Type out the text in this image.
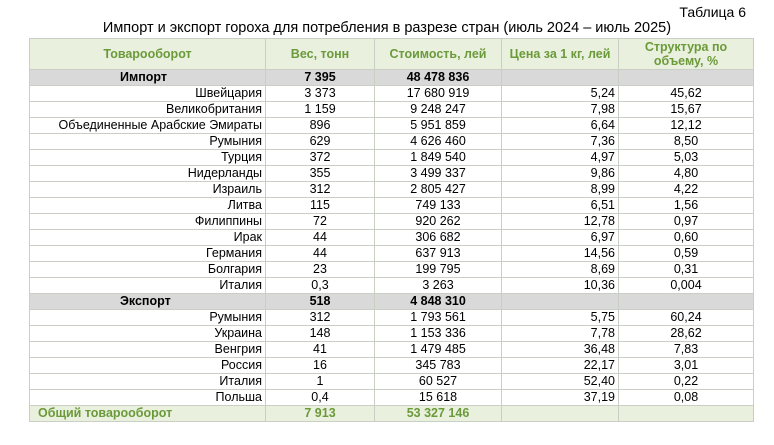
Таблица 6
Импорт и экспорт гороха для потребления в разрезе стран (июль 2024 – июль 2025)
Товарооборот	Вес, тонн	Стоимость, лей	Цена за 1 кг, лей	Структура по объему, %
Импорт	7 395	48 478 836		
Швейцария	3 373	17 680 919	5,24	45,62
Великобритания	1 159	9 248 247	7,98	15,67
Объединенные Арабские Эмираты	896	5 951 859	6,64	12,12
Румыния	629	4 626 460	7,36	8,50
Турция	372	1 849 540	4,97	5,03
Нидерланды	355	3 499 337	9,86	4,80
Израиль	312	2 805 427	8,99	4,22
Литва	115	749 133	6,51	1,56
Филиппины	72	920 262	12,78	0,97
Ирак	44	306 682	6,97	0,60
Германия	44	637 913	14,56	0,59
Болгария	23	199 795	8,69	0,31
Италия	0,3	3 263	10,36	0,004
Экспорт	518	4 848 310		
Румыния	312	1 793 561	5,75	60,24
Украина	148	1 153 336	7,78	28,62
Венгрия	41	1 479 485	36,48	7,83
Россия	16	345 783	22,17	3,01
Италия	1	60 527	52,40	0,22
Польша	0,4	15 618	37,19	0,08
Общий товарооборот	7 913	53 327 146		
